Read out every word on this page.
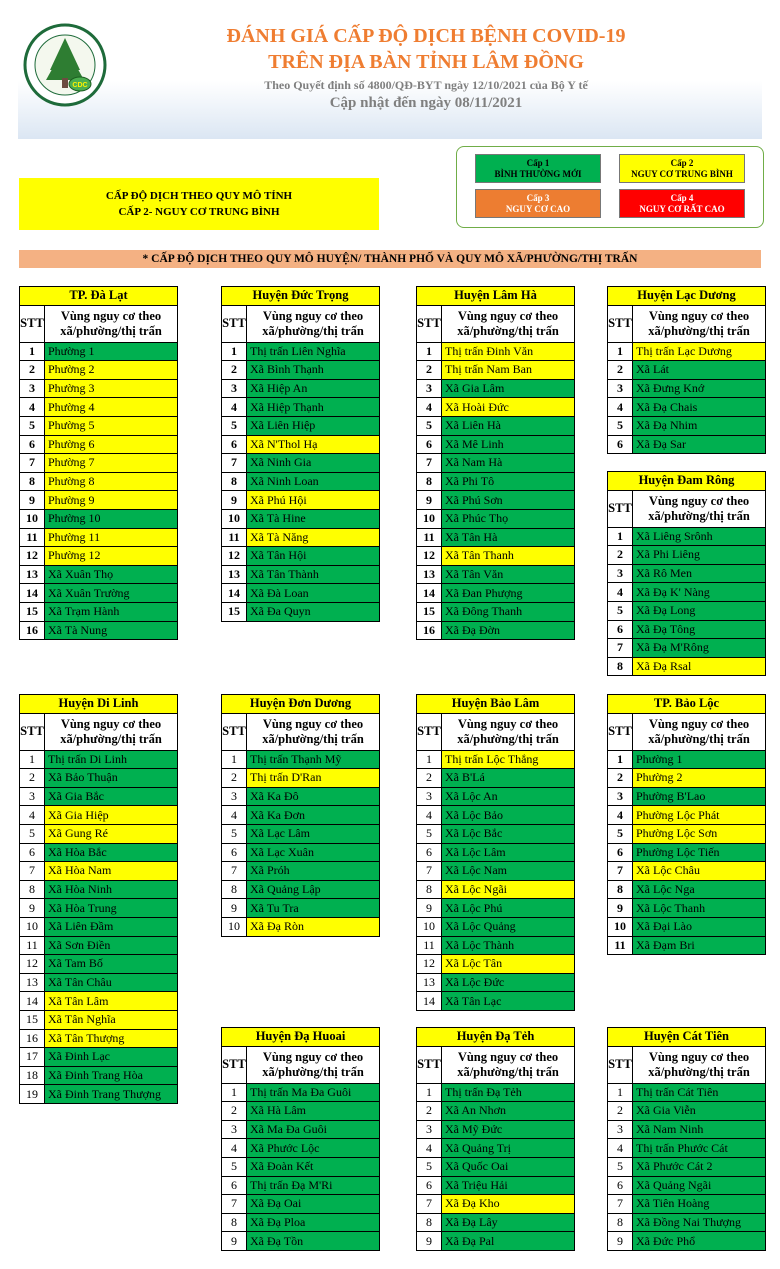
CDC
ĐÁNH GIÁ CẤP ĐỘ DỊCH BỆNH COVID-19
TRÊN ĐỊA BÀN TỈNH LÂM ĐỒNG
Theo Quyết định số 4800/QĐ-BYT ngày 12/10/2021 của Bộ Y tế
Cập nhật đến ngày 08/11/2021
Cấp 1
BÌNH THƯỜNG MỚI
Cấp 2
NGUY CƠ TRUNG BÌNH
Cấp 3
NGUY CƠ CAO
Cấp 4
NGUY CƠ RẤT CAO
CẤP ĐỘ DỊCH THEO QUY MÔ TỈNH
CẤP 2- NGUY CƠ TRUNG BÌNH
* CẤP ĐỘ DỊCH THEO QUY MÔ HUYỆN/ THÀNH PHỐ VÀ QUY MÔ XÃ/PHƯỜNG/THỊ TRẤN
TP. Đà Lạt	
STT	Vùng nguy cơ theo xã/phường/thị trấn
1	Phường 1
2	Phường 2
3	Phường 3
4	Phường 4
5	Phường 5
6	Phường 6
7	Phường 7
8	Phường 8
9	Phường 9
10	Phường 10
11	Phường 11
12	Phường 12
13	Xã Xuân Thọ
14	Xã Xuân Trường
15	Xã Trạm Hành
16	Xã Tà Nung
Huyện Đức Trọng	
STT	Vùng nguy cơ theo xã/phường/thị trấn
1	Thị trấn Liên Nghĩa
2	Xã Bình Thạnh
3	Xã Hiệp An
4	Xã Hiệp Thạnh
5	Xã Liên Hiệp
6	Xã N'Thol Hạ
7	Xã Ninh Gia
8	Xã Ninh Loan
9	Xã Phú Hội
10	Xã Tà Hine
11	Xã Tà Năng
12	Xã Tân Hội
13	Xã Tân Thành
14	Xã Đà Loan
15	Xã Đa Quyn
Huyện Lâm Hà	
STT	Vùng nguy cơ theo xã/phường/thị trấn
1	Thị trấn Đinh Văn
2	Thị trấn Nam Ban
3	Xã Gia Lâm
4	Xã Hoài Đức
5	Xã Liên Hà
6	Xã Mê Linh
7	Xã Nam Hà
8	Xã Phi Tô
9	Xã Phú Sơn
10	Xã Phúc Thọ
11	Xã Tân Hà
12	Xã Tân Thanh
13	Xã Tân Văn
14	Xã Đan Phượng
15	Xã Đông Thanh
16	Xã Đạ Đờn
Huyện Lạc Dương	
STT	Vùng nguy cơ theo xã/phường/thị trấn
1	Thị trấn Lạc Dương
2	Xã Lát
3	Xã Đưng Knớ
4	Xã Đạ Chais
5	Xã Đạ Nhim
6	Xã Đạ Sar
Huyện Đam Rông	
STT	Vùng nguy cơ theo xã/phường/thị trấn
1	Xã Liêng Srônh
2	Xã Phi Liêng
3	Xã Rô Men
4	Xã Đạ K' Nàng
5	Xã Đạ Long
6	Xã Đạ Tông
7	Xã Đạ M'Rông
8	Xã Đạ Rsal
Huyện Di Linh	
STT	Vùng nguy cơ theo xã/phường/thị trấn
1	Thị trấn Di Linh
2	Xã Bảo Thuận
3	Xã Gia Bắc
4	Xã Gia Hiệp
5	Xã Gung Ré
6	Xã Hòa Bắc
7	Xã Hòa Nam
8	Xã Hòa Ninh
9	Xã Hòa Trung
10	Xã Liên Đầm
11	Xã Sơn Điền
12	Xã Tam Bố
13	Xã Tân Châu
14	Xã Tân Lâm
15	Xã Tân Nghĩa
16	Xã Tân Thượng
17	Xã Đinh Lạc
18	Xã Đinh Trang Hòa
19	Xã Đinh Trang Thượng
Huyện Đơn Dương	
STT	Vùng nguy cơ theo xã/phường/thị trấn
1	Thị trấn Thạnh Mỹ
2	Thị trấn D'Ran
3	Xã Ka Đô
4	Xã Ka Đơn
5	Xã Lạc Lâm
6	Xã Lạc Xuân
7	Xã Próh
8	Xã Quảng Lập
9	Xã Tu Tra
10	Xã Đạ Ròn
Huyện Bảo Lâm	
STT	Vùng nguy cơ theo xã/phường/thị trấn
1	Thị trấn Lộc Thắng
2	Xã B'Lá
3	Xã Lộc An
4	Xã Lộc Bảo
5	Xã Lộc Bắc
6	Xã Lộc Lâm
7	Xã Lộc Nam
8	Xã Lộc Ngãi
9	Xã Lộc Phú
10	Xã Lộc Quảng
11	Xã Lộc Thành
12	Xã Lộc Tân
13	Xã Lộc Đức
14	Xã Tân Lạc
TP. Bảo Lộc	
STT	Vùng nguy cơ theo xã/phường/thị trấn
1	Phường 1
2	Phường 2
3	Phường B'Lao
4	Phường Lộc Phát
5	Phường Lộc Sơn
6	Phường Lộc Tiến
7	Xã Lộc Châu
8	Xã Lộc Nga
9	Xã Lộc Thanh
10	Xã Đại Lào
11	Xã Đạm Bri
Huyện Đạ Huoai	
STT	Vùng nguy cơ theo xã/phường/thị trấn
1	Thị trấn Ma Đa Guôi
2	Xã Hà Lâm
3	Xã Ma Đa Guôi
4	Xã Phước Lộc
5	Xã Đoàn Kết
6	Thị trấn Đạ M'Ri
7	Xã Đạ Oai
8	Xã Đạ Ploa
9	Xã Đạ Tồn
Huyện Đạ Tẻh	
STT	Vùng nguy cơ theo xã/phường/thị trấn
1	Thị trấn Đạ Tẻh
2	Xã An Nhơn
3	Xã Mỹ Đức
4	Xã Quảng Trị
5	Xã Quốc Oai
6	Xã Triệu Hải
7	Xã Đạ Kho
8	Xã Đạ Lây
9	Xã Đạ Pal
Huyện Cát Tiên	
STT	Vùng nguy cơ theo xã/phường/thị trấn
1	Thị trấn Cát Tiên
2	Xã Gia Viễn
3	Xã Nam Ninh
4	Thị trấn Phước Cát
5	Xã Phước Cát 2
6	Xã Quảng Ngãi
7	Xã Tiên Hoàng
8	Xã Đồng Nai Thượng
9	Xã Đức Phổ
